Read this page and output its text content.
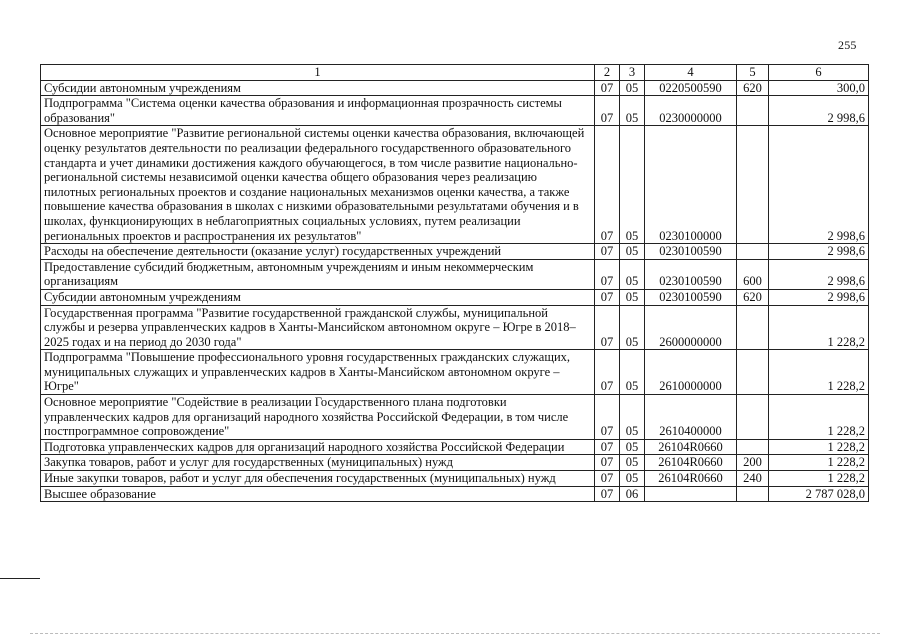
255
1	2	3	4	5	6
Субсидии автономным учреждениям	07	05	0220500590	620	300,0
Подпрограмма "Система оценки качества образования и информационная прозрачность системы образования"	07	05	0230000000		2 998,6
Основное мероприятие "Развитие региональной системы оценки качества образования, включающей оценку результатов деятельности по реализации федерального государственного образовательного стандарта и учет динамики достижения каждого обучающегося, в том числе развитие национально-региональной системы независимой оценки качества общего образования через реализацию пилотных региональных проектов и создание национальных механизмов оценки качества, а также повышение качества образования в школах с низкими образовательными результатами обучения и в школах, функционирующих в неблагоприятных социальных условиях, путем реализации региональных проектов и распространения их результатов"	07	05	0230100000		2 998,6
Расходы на обеспечение деятельности (оказание услуг) государственных учреждений	07	05	0230100590		2 998,6
Предоставление субсидий бюджетным, автономным учреждениям и иным некоммерческим организациям	07	05	0230100590	600	2 998,6
Субсидии автономным учреждениям	07	05	0230100590	620	2 998,6
Государственная программа "Развитие государственной гражданской службы, муниципальной службы и резерва управленческих кадров в Ханты-Мансийском автономном округе – Югре в 2018–2025 годах и на период до 2030 года"	07	05	2600000000		1 228,2
Подпрограмма "Повышение профессионального уровня государственных гражданских служащих, муниципальных служащих и управленческих кадров в Ханты-Мансийском автономном округе – Югре"	07	05	2610000000		1 228,2
Основное мероприятие "Содействие в реализации Государственного плана подготовки управленческих кадров для организаций народного хозяйства Российской Федерации, в том числе постпрограммное сопровождение"	07	05	2610400000		1 228,2
Подготовка управленческих кадров для организаций народного хозяйства Российской Федерации	07	05	26104R0660		1 228,2
Закупка товаров, работ и услуг для государственных (муниципальных) нужд	07	05	26104R0660	200	1 228,2
Иные закупки товаров, работ и услуг для обеспечения государственных (муниципальных) нужд	07	05	26104R0660	240	1 228,2
Высшее образование	07	06			2 787 028,0
